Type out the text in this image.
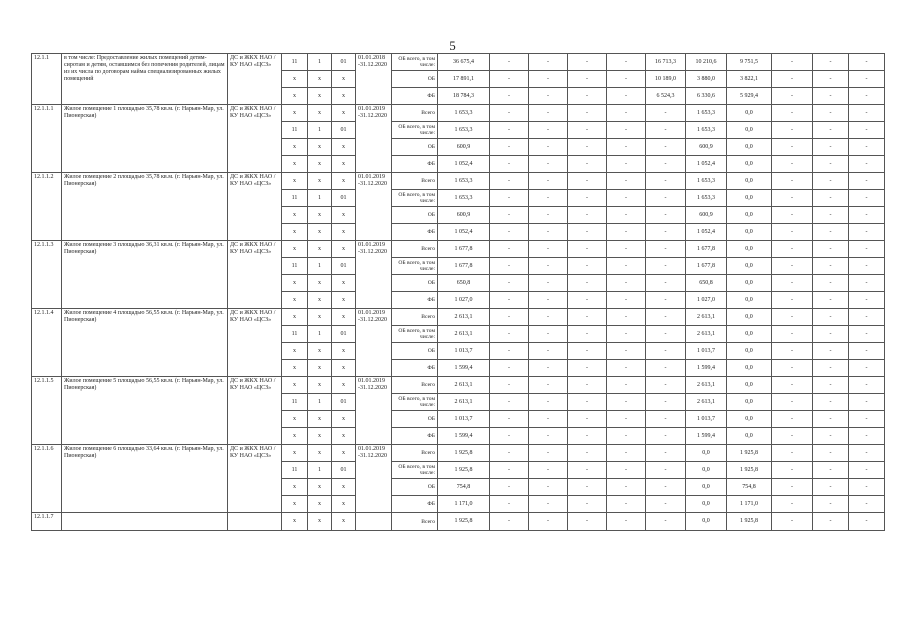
5
12.1.1	в том числе: Предоставление жилых помещений детям-сиротам и детям, оставшимся без попечения родителей, лицам из их числа по договорам найма специализированных жилых помещений	ДС и ЖКХ НАО / КУ НАО «ЦСЗ»	11	1	01	01.01.2018 -31.12.2020	ОБ всего, в том числе:	36 675,4	-	-	-	-	16 713,3	10 210,6	9 751,5	-	-	-
			х	х	х		ОБ	17 891,1	-	-	-	-	10 189,0	3 880,0	3 822,1	-	-	-
			х	х	х		ФБ	18 784,3	-	-	-	-	6 524,3	6 330,6	5 929,4	-	-	-
12.1.1.1	Жилое помещение 1 площадью 35,78 кв.м. (г. Нарьян-Мар, ул. Пионерская)	ДС и ЖКХ НАО / КУ НАО «ЦСЗ»	х	х	х	01.01.2019 -31.12.2020	Всего	1 653,3	-	-	-	-	-	1 653,3	0,0	-	-	-
			11	1	01		ОБ всего, в том числе:	1 653,3	-	-	-	-	-	1 653,3	0,0	-	-	-
			х	х	х		ОБ	600,9	-	-	-	-	-	600,9	0,0	-	-	-
			х	х	х		ФБ	1 052,4	-	-	-	-	-	1 052,4	0,0	-	-	-
12.1.1.2	Жилое помещение 2 площадью 35,78 кв.м. (г. Нарьян-Мар, ул. Пионерская)	ДС и ЖКХ НАО / КУ НАО «ЦСЗ»	х	х	х	01.01.2019 -31.12.2020	Всего	1 653,3	-	-	-	-	-	1 653,3	0,0	-	-	-
			11	1	01		ОБ всего, в том числе:	1 653,3	-	-	-	-	-	1 653,3	0,0	-	-	-
			х	х	х		ОБ	600,9	-	-	-	-	-	600,9	0,0	-	-	-
			х	х	х		ФБ	1 052,4	-	-	-	-	-	1 052,4	0,0	-	-	-
12.1.1.3	Жилое помещение 3 площадью 36,31 кв.м. (г. Нарьян-Мар, ул. Пионерская)	ДС и ЖКХ НАО / КУ НАО «ЦСЗ»	х	х	х	01.01.2019 -31.12.2020	Всего	1 677,8	-	-	-	-	-	1 677,8	0,0	-	-	-
			11	1	01		ОБ всего, в том числе:	1 677,8	-	-	-	-	-	1 677,8	0,0	-	-	-
			х	х	х		ОБ	650,8	-	-	-	-	-	650,8	0,0	-	-	-
			х	х	х		ФБ	1 027,0	-	-	-	-	-	1 027,0	0,0	-	-	-
12.1.1.4	Жилое помещение 4 площадью 56,55 кв.м. (г. Нарьян-Мар, ул. Пионерская)	ДС и ЖКХ НАО / КУ НАО «ЦСЗ»	х	х	х	01.01.2019 -31.12.2020	Всего	2 613,1	-	-	-	-	-	2 613,1	0,0	-	-	-
			11	1	01		ОБ всего, в том числе:	2 613,1	-	-	-	-	-	2 613,1	0,0	-	-	-
			х	х	х		ОБ	1 013,7	-	-	-	-	-	1 013,7	0,0	-	-	-
			х	х	х		ФБ	1 599,4	-	-	-	-	-	1 599,4	0,0	-	-	-
12.1.1.5	Жилое помещение 5 площадью 56,55 кв.м. (г. Нарьян-Мар, ул. Пионерская)	ДС и ЖКХ НАО / КУ НАО «ЦСЗ»	х	х	х	01.01.2019 -31.12.2020	Всего	2 613,1	-	-	-	-	-	2 613,1	0,0	-	-	-
			11	1	01		ОБ всего, в том числе:	2 613,1	-	-	-	-	-	2 613,1	0,0	-	-	-
			х	х	х		ОБ	1 013,7	-	-	-	-	-	1 013,7	0,0	-	-	-
			х	х	х		ФБ	1 599,4	-	-	-	-	-	1 599,4	0,0	-	-	-
12.1.1.6	Жилое помещение 6 площадью 33,64 кв.м. (г. Нарьян-Мар, ул. Пионерская)	ДС и ЖКХ НАО / КУ НАО «ЦСЗ»	х	х	х	01.01.2019 -31.12.2020	Всего	1 925,8	-	-	-	-	-	0,0	1 925,8	-	-	-
			11	1	01		ОБ всего, в том числе:	1 925,8	-	-	-	-	-	0,0	1 925,8	-	-	-
			х	х	х		ОБ	754,8	-	-	-	-	-	0,0	754,8	-	-	-
			х	х	х		ФБ	1 171,0	-	-	-	-	-	0,0	1 171,0	-	-	-
12.1.1.7			х	х	х		Всего	1 925,8	-	-	-	-	-	0,0	1 925,8	-	-	-
